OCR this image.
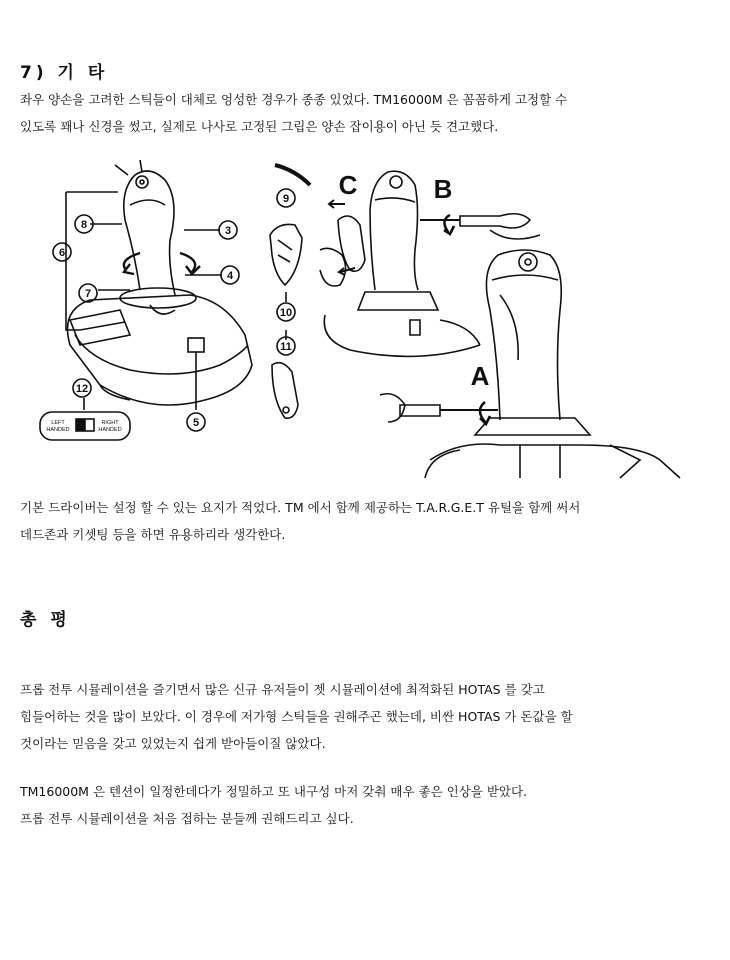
7) 기 타

좌우 양손을 고려한 스틱들이 대체로 엉성한 경우가 종종 있었다. TM16000M 은 꼼꼼하게 고정할 수
있도록 꽤나 신경을 썼고, 실제로 나사로 고정된 그립은 양손 잡이용이 아닌 듯 견고했다.

3
4
5
6
7
8
12
LEFT
HANDED
RIGHT
HANDED
9
10
11
A
B
C

기본 드라이버는 설정 할 수 있는 요지가 적었다. TM 에서 함께 제공하는 T.A.R.G.E.T 유틸을 함께 써서
데드존과 키셋팅 등을 하면 유용하리라 생각한다.

총 평

프롭 전투 시뮬레이션을 즐기면서 많은 신규 유저들이 젯 시뮬레이션에 최적화된 HOTAS 를 갖고
힘들어하는 것을 많이 보았다. 이 경우에 저가형 스틱들을 권해주곤 했는데, 비싼 HOTAS 가 돈값을 할
것이라는 믿음을 갖고 있었는지 쉽게 받아들이질 않았다.

TM16000M 은 텐션이 일정한데다가 정밀하고 또 내구성 마저 갖춰 매우 좋은 인상을 받았다.
프롭 전투 시뮬레이션을 처음 접하는 분들께 권해드리고 싶다.
